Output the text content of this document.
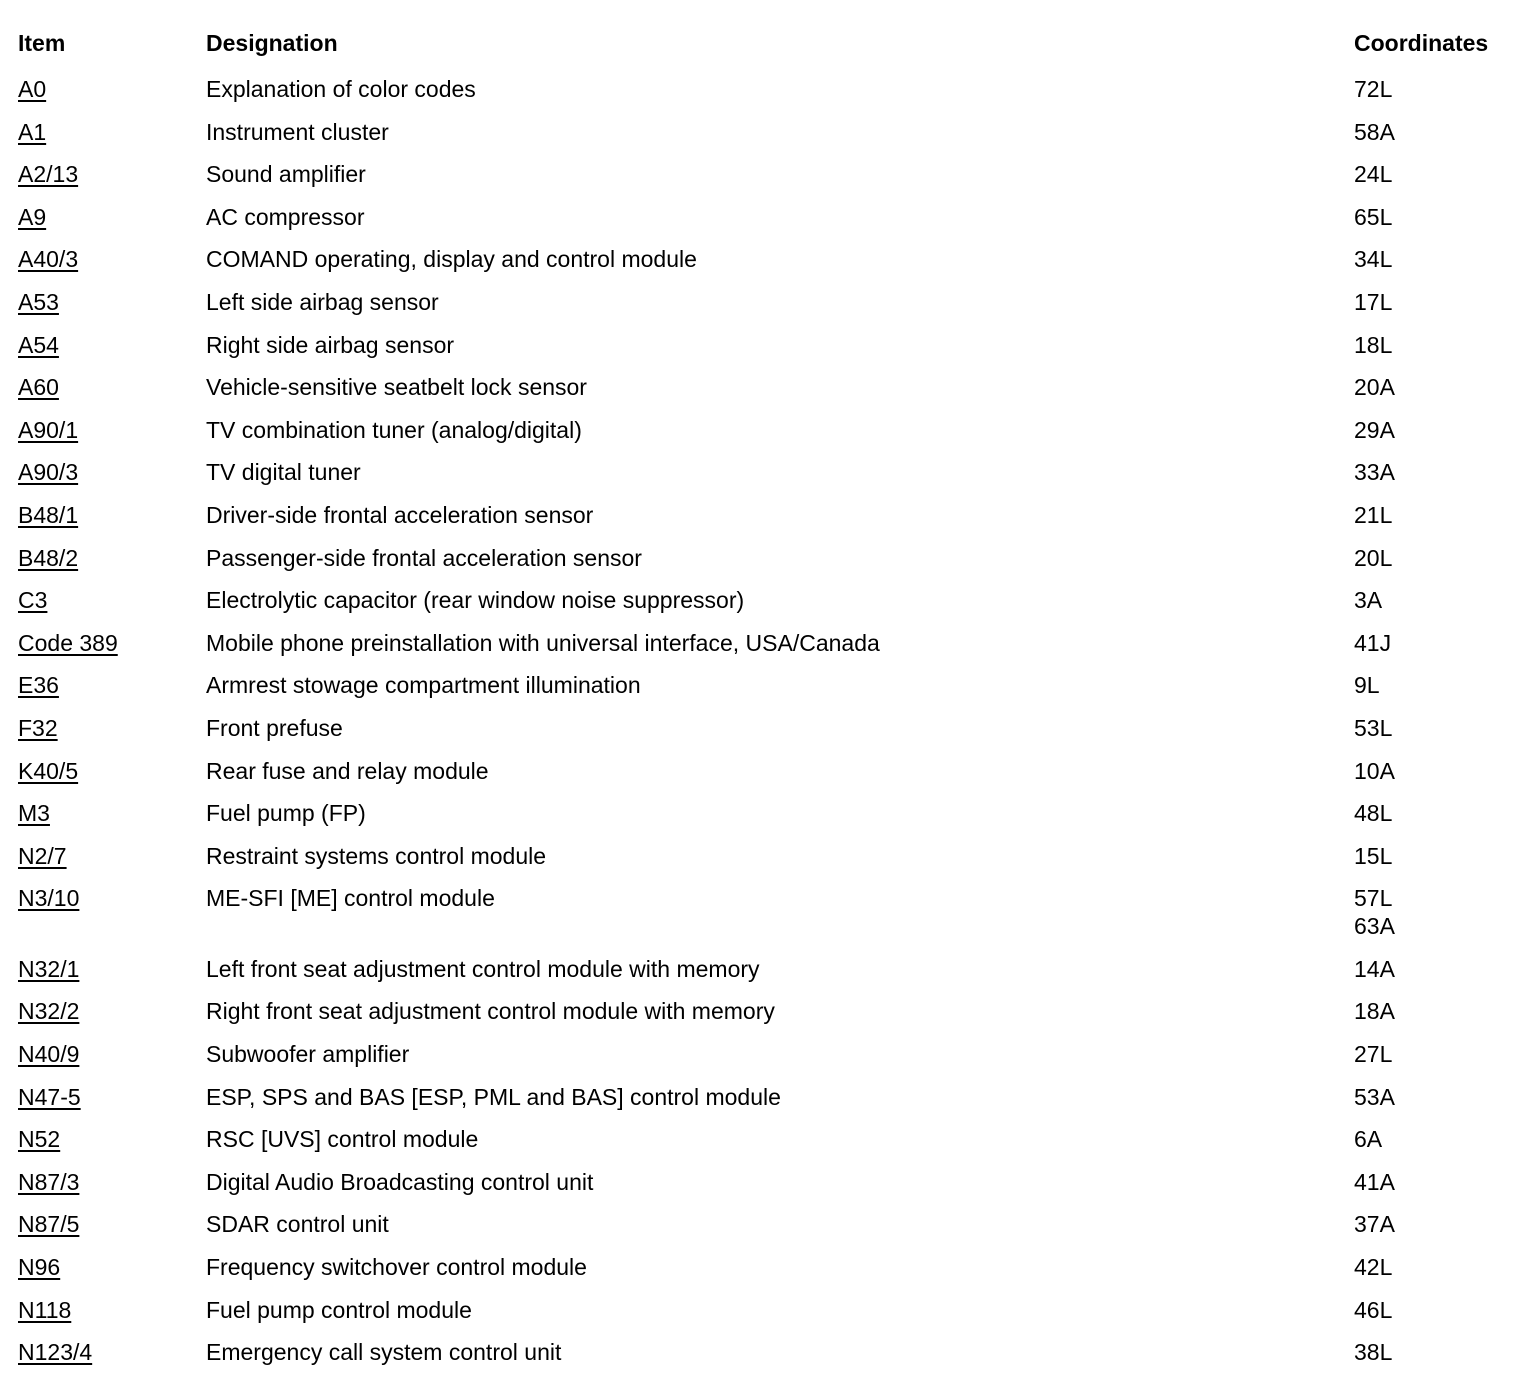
Item	Designation	Coordinates
A0	Explanation of color codes	72L
A1	Instrument cluster	58A
A2/13	Sound amplifier	24L
A9	AC compressor	65L
A40/3	COMAND operating, display and control module	34L
A53	Left side airbag sensor	17L
A54	Right side airbag sensor	18L
A60	Vehicle-sensitive seatbelt lock sensor	20A
A90/1	TV combination tuner (analog/digital)	29A
A90/3	TV digital tuner	33A
B48/1	Driver-side frontal acceleration sensor	21L
B48/2	Passenger-side frontal acceleration sensor	20L
C3	Electrolytic capacitor (rear window noise suppressor)	3A
Code 389	Mobile phone preinstallation with universal interface, USA/Canada	41J
E36	Armrest stowage compartment illumination	9L
F32	Front prefuse	53L
K40/5	Rear fuse and relay module	10A
M3	Fuel pump (FP)	48L
N2/7	Restraint systems control module	15L
N3/10	ME-SFI [ME] control module	57L
63A
N32/1	Left front seat adjustment control module with memory	14A
N32/2	Right front seat adjustment control module with memory	18A
N40/9	Subwoofer amplifier	27L
N47-5	ESP, SPS and BAS [ESP, PML and BAS] control module	53A
N52	RSC [UVS] control module	6A
N87/3	Digital Audio Broadcasting control unit	41A
N87/5	SDAR control unit	37A
N96	Frequency switchover control module	42L
N118	Fuel pump control module	46L
N123/4	Emergency call system control unit	38L
